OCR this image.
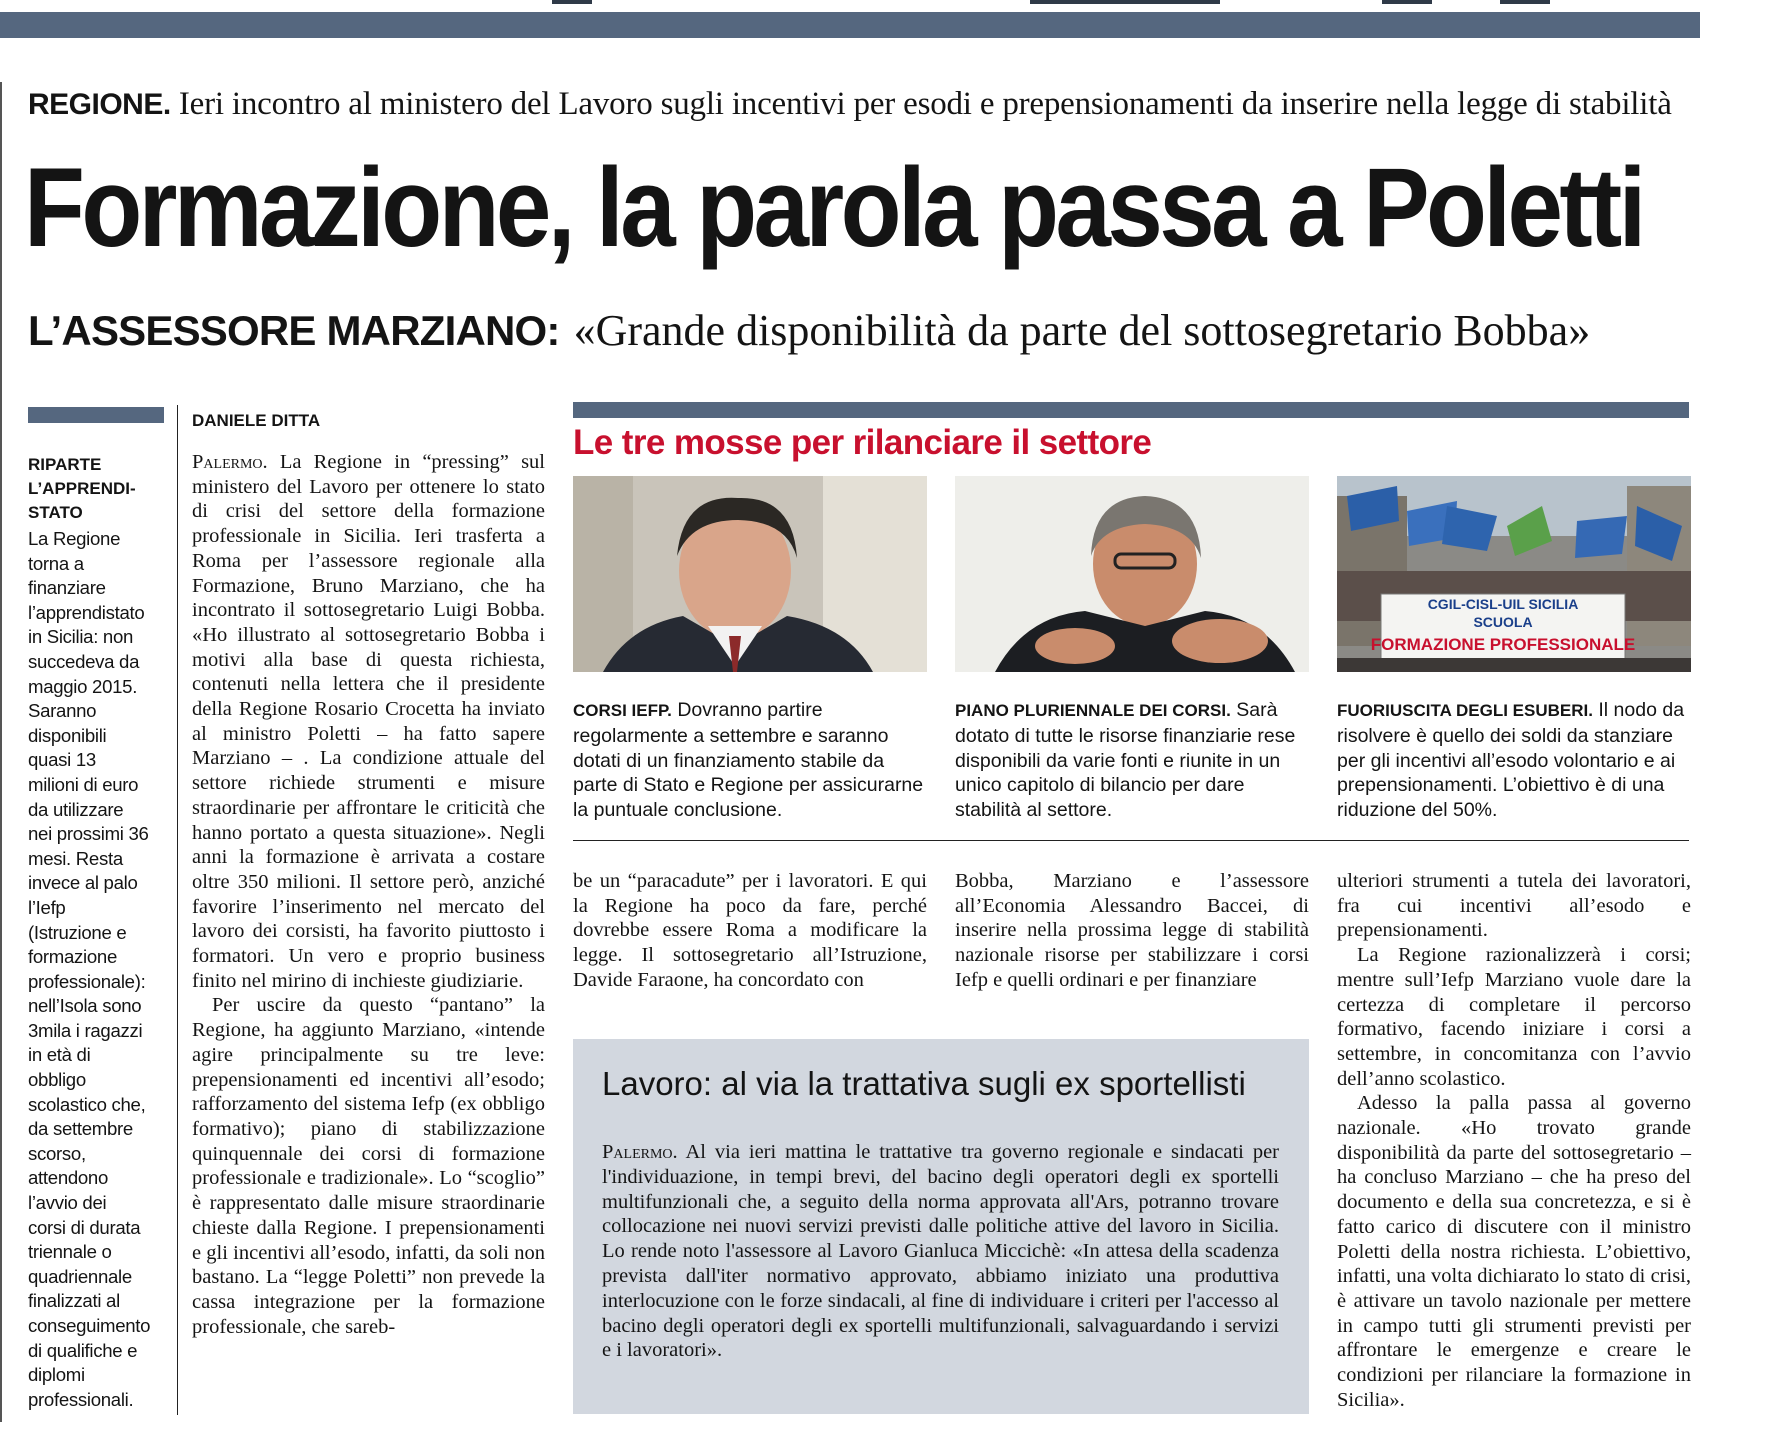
REGIONE. Ieri incontro al ministero del Lavoro sugli incentivi per esodi e prepensionamenti da inserire nella legge di stabilità
Formazione, la parola passa a Poletti
L’ASSESSORE MARZIANO: «Grande disponibilità da parte del sottosegretario Bobba»
RIPARTE
L’APPRENDI-
STATO
La Regione
torna a
finanziare
l’apprendistato
in Sicilia: non
succedeva da
maggio 2015.
Saranno
disponibili
quasi 13
milioni di euro
da utilizzare
nei prossimi 36
mesi. Resta
invece al palo
l’Iefp
(Istruzione e
formazione
professionale):
nell’Isola sono
3mila i ragazzi
in età di
obbligo
scolastico che,
da settembre
scorso,
attendono
l’avvio dei
corsi di durata
triennale o
quadriennale
finalizzati al
conseguimento
di qualifiche e
diplomi
professionali.
DANIELE DITTA

Palermo. La Regione in “pressing” sul ministero del Lavoro per ottenere lo stato di crisi del settore della formazione professionale in Sicilia. Ieri trasferta a Roma per l’assessore regionale alla Formazione, Bruno Marziano, che ha incontrato il sottosegretario Luigi Bobba. «Ho illustrato al sottosegretario Bobba i motivi alla base di questa richiesta, contenuti nella lettera che il presidente della Regione Rosario Crocetta ha inviato al ministro Poletti – ha fatto sapere Marziano – . La condizione attuale del settore richiede strumenti e misure straordinarie per affrontare le criticità che hanno portato a questa situazione». Negli anni la formazione è arrivata a costare oltre 350 milioni. Il settore però, anziché favorire l’inserimento nel mercato del lavoro dei corsisti, ha favorito piuttosto i formatori. Un vero e proprio business finito nel mirino di inchieste giudiziarie.

Per uscire da questo “pantano” la Regione, ha aggiunto Marziano, «intende agire principalmente su tre leve: prepensionamenti ed incentivi all’esodo; rafforzamento del sistema Iefp (ex obbligo formativo); piano di stabilizzazione quinquennale dei corsi di formazione professionale e tradizionale». Lo “scoglio” è rappresentato dalle misure straordinarie chieste dalla Regione. I prepensionamenti e gli incentivi all’esodo, infatti, da soli non bastano. La “legge Poletti” non prevede la cassa integrazione per la formazione professionale, che sareb-

Le tre mosse per rilanciare il settore
CGIL-CISL-UIL SICILIA
SCUOLA
FORMAZIONE PROFESSIONALE
CORSI IEFP. Dovranno partire regolarmente a settembre e saranno dotati di un finanziamento stabile da parte di Stato e Regione per assicurarne la puntuale conclusione.
PIANO PLURIENNALE DEI CORSI. Sarà dotato di tutte le risorse finanziarie rese disponibili da varie fonti e riunite in un unico capitolo di bilancio per dare stabilità al settore.
FUORIUSCITA DEGLI ESUBERI. Il nodo da risolvere è quello dei soldi da stanziare per gli incentivi all’esodo volontario e ai prepensionamenti. L’obiettivo è di una riduzione del 50%.

be un “paracadute” per i lavoratori. E qui la Regione ha poco da fare, perché dovrebbe essere Roma a modificare la legge. Il sottosegretario all’Istruzione, Davide Faraone, ha concordato con

Bobba, Marziano e l’assessore all’Economia Alessandro Baccei, di inserire nella prossima legge di stabilità nazionale risorse per stabilizzare i corsi Iefp e quelli ordinari e per finanziare

ulteriori strumenti a tutela dei lavoratori, fra cui incentivi all’esodo e prepensionamenti.

La Regione razionalizzerà i corsi; mentre sull’Iefp Marziano vuole dare la certezza di completare il percorso formativo, facendo iniziare i corsi a settembre, in concomitanza con l’avvio dell’anno scolastico.

Adesso la palla passa al governo nazionale. «Ho trovato grande disponibilità da parte del sottosegretario – ha concluso Marziano – che ha preso del documento e della sua concretezza, e si è fatto carico di discutere con il ministro Poletti della nostra richiesta. L’obiettivo, infatti, una volta dichiarato lo stato di crisi, è attivare un tavolo nazionale per mettere in campo tutti gli strumenti previsti per affrontare le emergenze e creare le condizioni per rilanciare la formazione in Sicilia».

Lavoro: al via la trattativa sugli ex sportellisti
Palermo. Al via ieri mattina le trattative tra governo regionale e sindacati per l'individuazione, in tempi brevi, del bacino degli operatori degli ex sportelli multifunzionali che, a seguito della norma approvata all'Ars, potranno trovare collocazione nei nuovi servizi previsti dalle politiche attive del lavoro in Sicilia. Lo rende noto l'assessore al Lavoro Gianluca Miccichè: «In attesa della scadenza prevista dall'iter normativo approvato, abbiamo iniziato una produttiva interlocuzione con le forze sindacali, al fine di individuare i criteri per l'accesso al bacino degli operatori degli ex sportelli multifunzionali, salvaguardando i servizi e i lavoratori».
